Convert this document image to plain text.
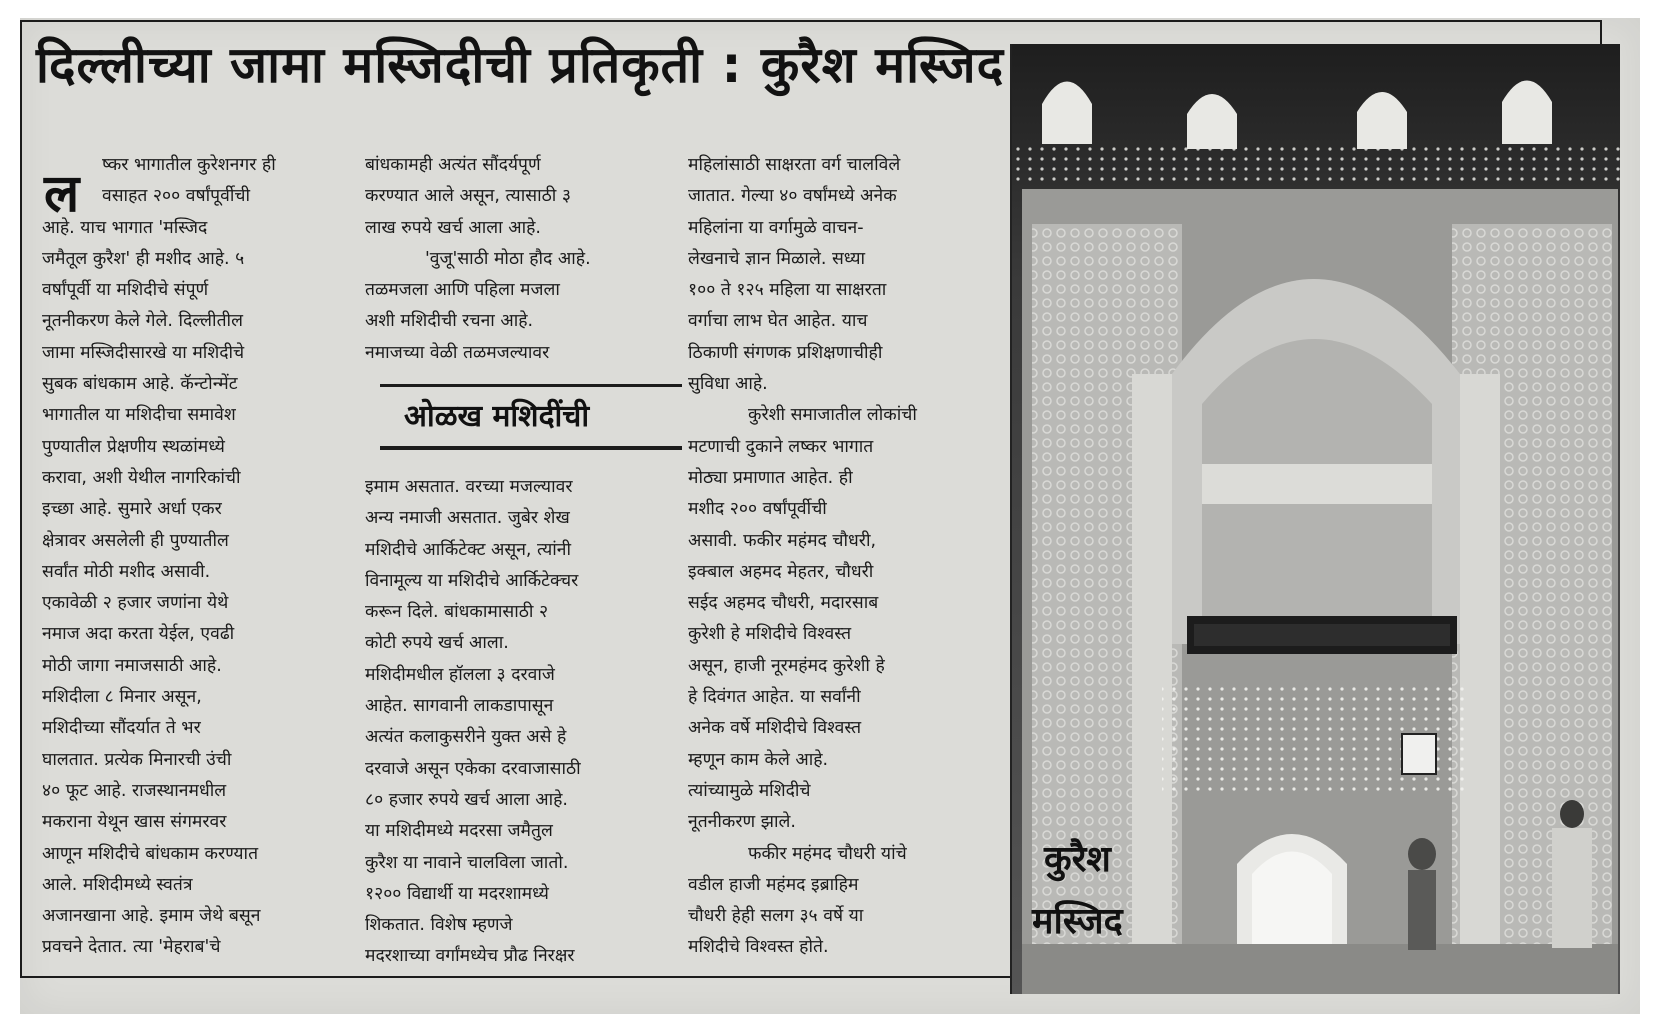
दिल्लीच्या जामा मस्जिदीची प्रतिकृती : कुरैश मस्जिद
ल	ष्कर भागातील कुरेशनगर ही

वसाहत २०० वर्षांपूर्वीची

आहे. याच भागात 'मस्जिद

जमैतूल कुरैश' ही मशीद आहे. ५

वर्षांपूर्वी या मशिदीचे संपूर्ण

नूतनीकरण केले गेले. दिल्लीतील

जामा मस्जिदीसारखे या मशिदीचे

सुबक बांधकाम आहे. कॅन्टोन्मेंट

भागातील या मशिदीचा समावेश

पुण्यातील प्रेक्षणीय स्थळांमध्ये

करावा, अशी येथील नागरिकांची

इच्छा आहे. सुमारे अर्धा एकर

क्षेत्रावर असलेली ही पुण्यातील

सर्वांत मोठी मशीद असावी.

एकावेळी २ हजार जणांना येथे

नमाज अदा करता येईल, एवढी

मोठी जागा नमाजसाठी आहे.

मशिदीला ८ मिनार असून,

मशिदीच्या सौंदर्यात ते भर

घालतात. प्रत्येक मिनारची उंची

४० फूट आहे. राजस्थानमधील

मकराना येथून खास संगमरवर

आणून मशिदीचे बांधकाम करण्यात

आले. मशिदीमध्ये स्वतंत्र

अजानखाना आहे. इमाम जेथे बसून

प्रवचने देतात. त्या 'मेहराब'चे

बांधकामही अत्यंत सौंदर्यपूर्ण

करण्यात आले असून, त्यासाठी ३

लाख रुपये खर्च आला आहे.

'वुजू'साठी मोठा हौद आहे.

तळमजला आणि पहिला मजला

अशी मशिदीची रचना आहे.

नमाजच्या वेळी तळमजल्यावर

ओळख मशिदींची

इमाम असतात. वरच्या मजल्यावर

अन्य नमाजी असतात. जुबेर शेख

मशिदीचे आर्किटेक्ट असून, त्यांनी

विनामूल्य या मशिदीचे आर्किटेक्चर

करून दिले. बांधकामासाठी २

कोटी रुपये खर्च आला.

मशिदीमधील हॉलला ३ दरवाजे

आहेत. सागवानी लाकडापासून

अत्यंत कलाकुसरीने युक्त असे हे

दरवाजे असून एकेका दरवाजासाठी

८० हजार रुपये खर्च आला आहे.

या मशिदीमध्ये मदरसा जमैतुल

कुरैश या नावाने चालविला जातो.

१२०० विद्यार्थी या मदरशामध्ये

शिकतात. विशेष म्हणजे

मदरशाच्या वर्गांमध्येच प्रौढ निरक्षर

महिलांसाठी साक्षरता वर्ग चालविले

जातात. गेल्या ४० वर्षांमध्ये अनेक

महिलांना या वर्गामुळे वाचन-

लेखनाचे ज्ञान मिळाले. सध्या

१०० ते १२५ महिला या साक्षरता

वर्गाचा लाभ घेत आहेत. याच

ठिकाणी संगणक प्रशिक्षणाचीही

सुविधा आहे.

कुरेशी समाजातील लोकांची

मटणाची दुकाने लष्कर भागात

मोठ्या प्रमाणात आहेत. ही

मशीद २०० वर्षांपूर्वीची

असावी. फकीर महंमद चौधरी,

इक्बाल अहमद मेहतर, चौधरी

सईद अहमद चौधरी, मदारसाब

कुरेशी हे मशिदीचे विश्वस्त

असून, हाजी नूरमहंमद कुरेशी हे

हे दिवंगत आहेत. या सर्वांनी

अनेक वर्षे मशिदीचे विश्वस्त

म्हणून काम केले आहे.

त्यांच्यामुळे मशिदीचे

नूतनीकरण झाले.

फकीर महंमद चौधरी यांचे

वडील हाजी महंमद इब्राहिम

चौधरी हेही सलग ३५ वर्षे या

मशिदीचे विश्वस्त होते.

कुरैश
मस्जिद
